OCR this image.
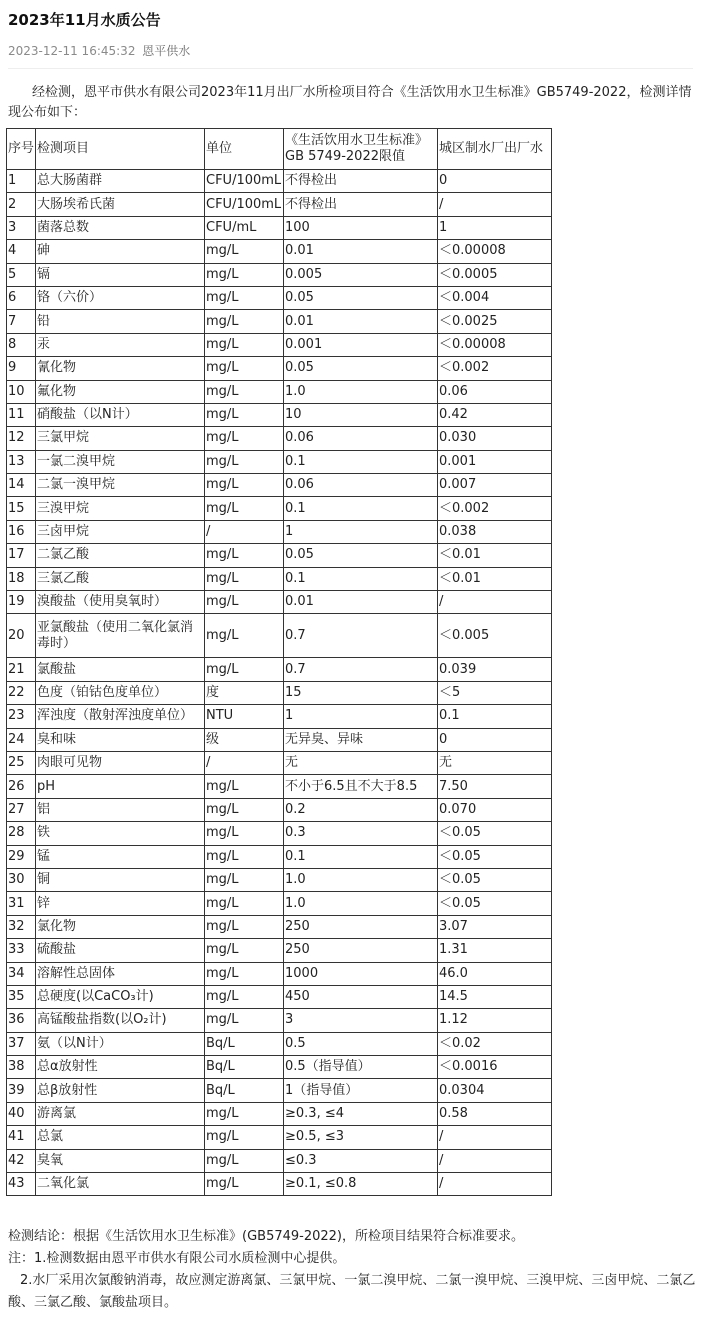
2023年11月水质公告
2023-12-11 16:45:32 恩平供水
经检测，恩平市供水有限公司2023年11月出厂水所检项目符合《生活饮用水卫生标准》GB5749-2022，检测详情现公布如下：
序号	检测项目	单位	《生活饮用水卫生标准》GB 5749-2022限值	城区制水厂出厂水
1	总大肠菌群	CFU/100mL	不得检出	0
2	大肠埃希氏菌	CFU/100mL	不得检出	/
3	菌落总数	CFU/mL	100	1
4	砷	mg/L	0.01	＜0.00008
5	镉	mg/L	0.005	＜0.0005
6	铬（六价）	mg/L	0.05	＜0.004
7	铅	mg/L	0.01	＜0.0025
8	汞	mg/L	0.001	＜0.00008
9	氰化物	mg/L	0.05	＜0.002
10	氟化物	mg/L	1.0	0.06
11	硝酸盐（以N计）	mg/L	10	0.42
12	三氯甲烷	mg/L	0.06	0.030
13	一氯二溴甲烷	mg/L	0.1	0.001
14	二氯一溴甲烷	mg/L	0.06	0.007
15	三溴甲烷	mg/L	0.1	＜0.002
16	三卤甲烷	/	1	0.038
17	二氯乙酸	mg/L	0.05	＜0.01
18	三氯乙酸	mg/L	0.1	＜0.01
19	溴酸盐（使用臭氧时）	mg/L	0.01	/
20	亚氯酸盐（使用二氧化氯消毒时）	mg/L	0.7	＜0.005
21	氯酸盐	mg/L	0.7	0.039
22	色度（铂钴色度单位）	度	15	＜5
23	浑浊度（散射浑浊度单位）	NTU	1	0.1
24	臭和味	级	无异臭、异味	0
25	肉眼可见物	/	无	无
26	pH	mg/L	不小于6.5且不大于8.5	7.50
27	铝	mg/L	0.2	0.070
28	铁	mg/L	0.3	＜0.05
29	锰	mg/L	0.1	＜0.05
30	铜	mg/L	1.0	＜0.05
31	锌	mg/L	1.0	＜0.05
32	氯化物	mg/L	250	3.07
33	硫酸盐	mg/L	250	1.31
34	溶解性总固体	mg/L	1000	46.0
35	总硬度(以CaCO₃计)	mg/L	450	14.5
36	高锰酸盐指数(以O₂计)	mg/L	3	1.12
37	氨（以N计）	Bq/L	0.5	＜0.02
38	总α放射性	Bq/L	0.5（指导值）	＜0.0016
39	总β放射性	Bq/L	1（指导值）	0.0304
40	游离氯	mg/L	≥0.3, ≤4	0.58
41	总氯	mg/L	≥0.5, ≤3	/
42	臭氧	mg/L	≤0.3	/
43	二氧化氯	mg/L	≥0.1, ≤0.8	/

检测结论：根据《生活饮用水卫生标准》(GB5749-2022)，所检项目结果符合标准要求。

注：1.检测数据由恩平市供水有限公司水质检测中心提供。

2.水厂采用次氯酸钠消毒，故应测定游离氯、三氯甲烷、一氯二溴甲烷、二氯一溴甲烷、三溴甲烷、三卤甲烷、二氯乙酸、三氯乙酸、氯酸盐项目。
